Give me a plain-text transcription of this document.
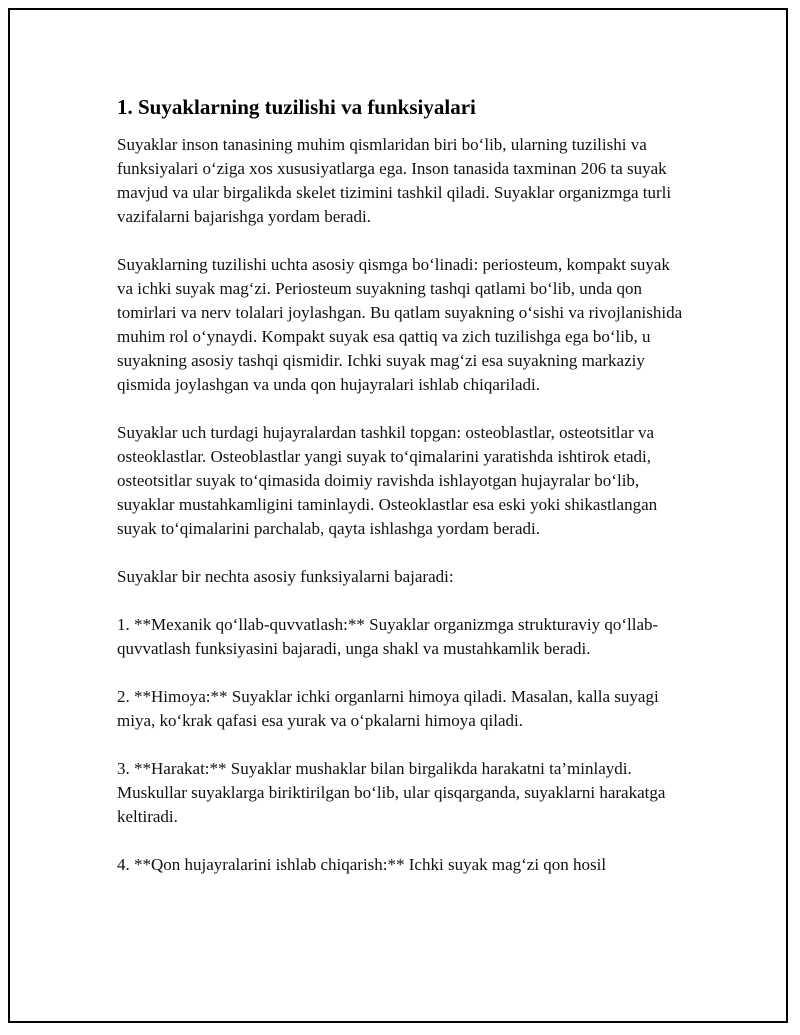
1. Suyaklarning tuzilishi va funksiyalari

Suyaklar inson tanasining muhim qismlaridan biri bo‘lib, ularning tuzilishi va funksiyalari o‘ziga xos xususiyatlarga ega. Inson tanasida taxminan 206 ta suyak mavjud va ular birgalikda skelet tizimini tashkil qiladi. Suyaklar organizmga turli vazifalarni bajarishga yordam beradi.

Suyaklarning tuzilishi uchta asosiy qismga bo‘linadi: periosteum, kompakt suyak va ichki suyak mag‘zi. Periosteum suyakning tashqi qatlami bo‘lib, unda qon tomirlari va nerv tolalari joylashgan. Bu qatlam suyakning o‘sishi va rivojlanishida muhim rol o‘ynaydi. Kompakt suyak esa qattiq va zich tuzilishga ega bo‘lib, u suyakning asosiy tashqi qismidir. Ichki suyak mag‘zi esa suyakning markaziy qismida joylashgan va unda qon hujayralari ishlab chiqariladi.

Suyaklar uch turdagi hujayralardan tashkil topgan: osteoblastlar, osteotsitlar va osteoklastlar. Osteoblastlar yangi suyak to‘qimalarini yaratishda ishtirok etadi, osteotsitlar suyak to‘qimasida doimiy ravishda ishlayotgan hujayralar bo‘lib, suyaklar mustahkamligini taminlaydi. Osteoklastlar esa eski yoki shikastlangan suyak to‘qimalarini parchalab, qayta ishlashga yordam beradi.

Suyaklar bir nechta asosiy funksiyalarni bajaradi:

1. **Mexanik qo‘llab-quvvatlash:** Suyaklar organizmga strukturaviy qo‘llab-quvvatlash funksiyasini bajaradi, unga shakl va mustahkamlik beradi.

2. **Himoya:** Suyaklar ichki organlarni himoya qiladi. Masalan, kalla suyagi miya, ko‘krak qafasi esa yurak va o‘pkalarni himoya qiladi.

3. **Harakat:** Suyaklar mushaklar bilan birgalikda harakatni ta’minlaydi. Muskullar suyaklarga biriktirilgan bo‘lib, ular qisqarganda, suyaklarni harakatga keltiradi.

4. **Qon hujayralarini ishlab chiqarish:** Ichki suyak mag‘zi qon hosil
